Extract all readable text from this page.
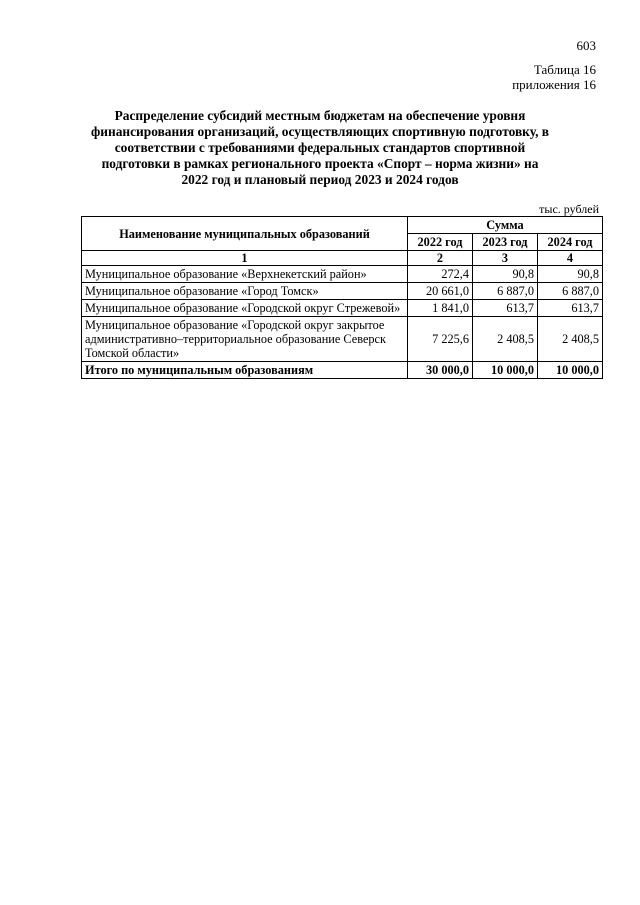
603
Таблица 16
приложения 16
Распределение субсидий местным бюджетам на обеспечение уровня финансирования организаций, осуществляющих спортивную подготовку, в соответствии с требованиями федеральных стандартов спортивной подготовки в рамках регионального проекта «Спорт – норма жизни» на 2022 год и плановый период 2023 и 2024 годов
тыс. рублей
Наименование муниципальных образований	Сумма		
	2022 год	2023 год	2024 год
1	2	3	4
Муниципальное образование «Верхнекетский район»	272,4	90,8	90,8
Муниципальное образование «Город Томск»	20 661,0	6 887,0	6 887,0
Муниципальное образование «Городской округ Стрежевой»	1 841,0	613,7	613,7
Муниципальное образование «Городской округ закрытое административно–территориальное образование Северск Томской области»	7 225,6	2 408,5	2 408,5
Итого по муниципальным образованиям	30 000,0	10 000,0	10 000,0
